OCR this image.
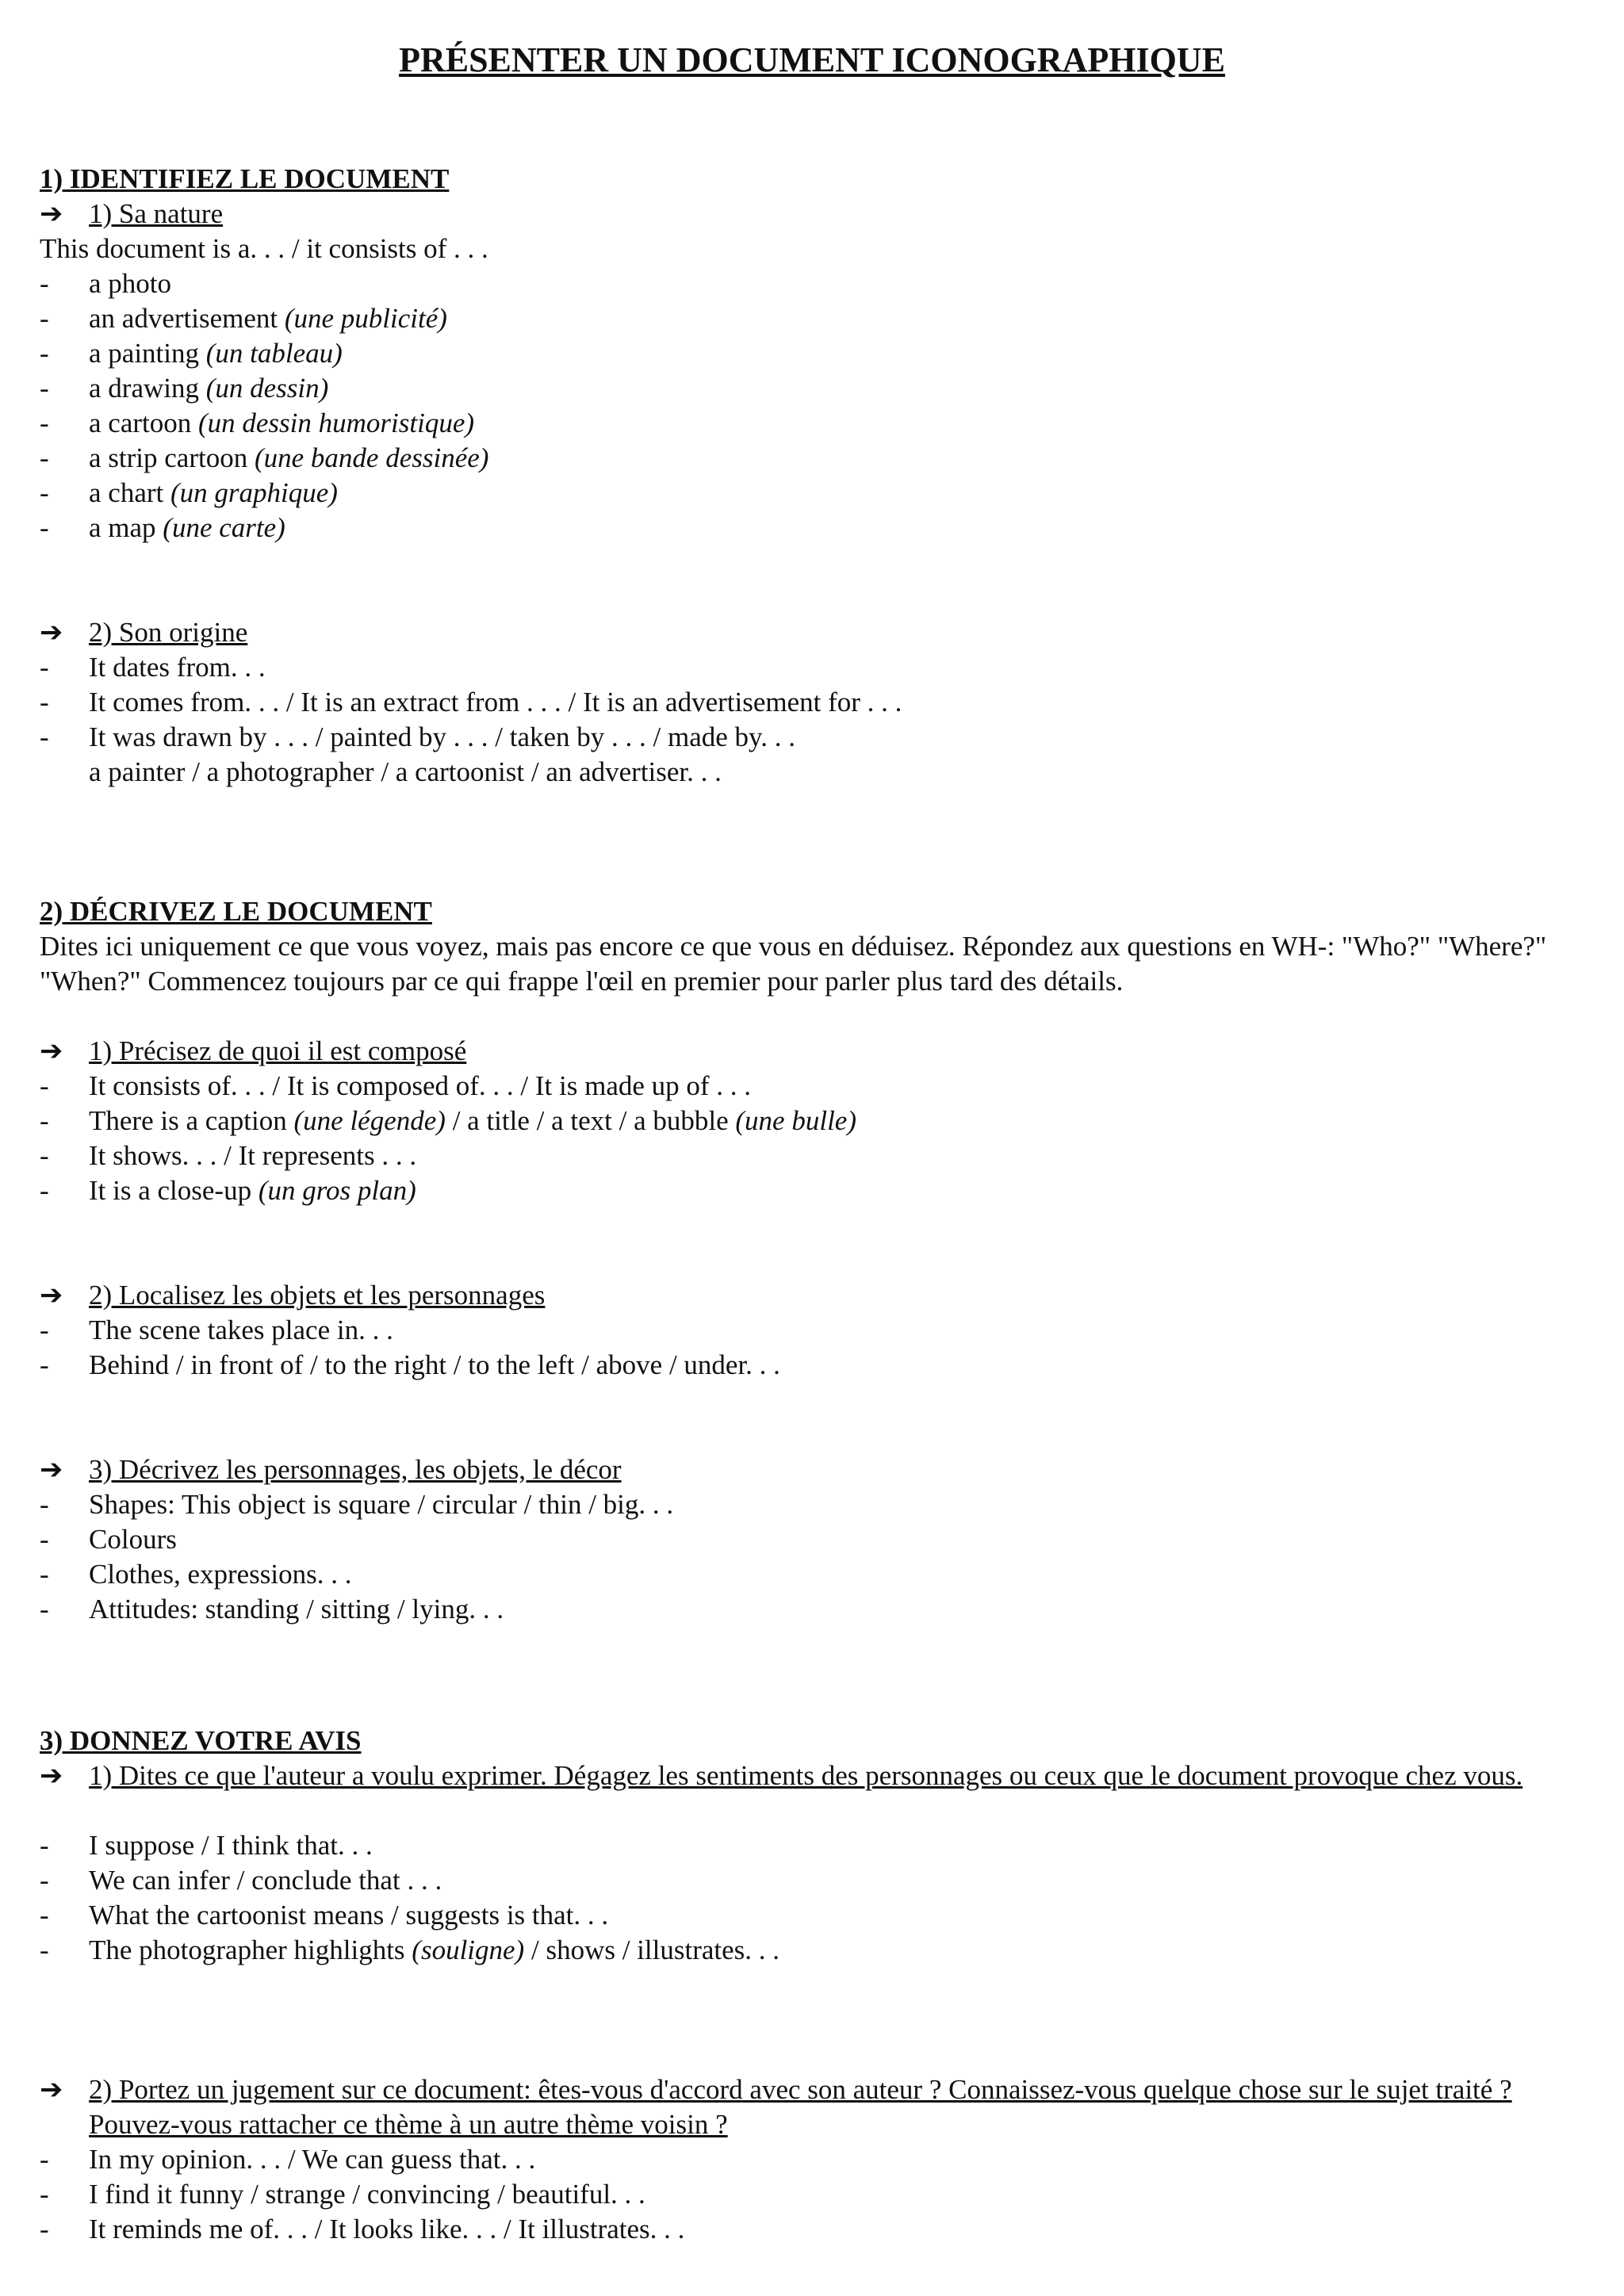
PRÉSENTER UN DOCUMENT ICONOGRAPHIQUE
1) IDENTIFIEZ LE DOCUMENT
➔ 1) Sa nature
This document is a. . . / it consists of . . .
- a photo
- an advertisement (une publicité)
- a painting (un tableau)
- a drawing (un dessin)
- a cartoon (un dessin humoristique)
- a strip cartoon (une bande dessinée)
- a chart (un graphique)
- a map (une carte)
➔ 2) Son origine
- It dates from. . .
- It comes from. . . / It is an extract from . . . / It is an advertisement for . . .
- It was drawn by . . . / painted by . . . / taken by . . . / made by. . .
a painter / a photographer / a cartoonist / an advertiser. . .
2) DÉCRIVEZ LE DOCUMENT
Dites ici uniquement ce que vous voyez, mais pas encore ce que vous en déduisez. Répondez aux questions en WH-: "Who?" "Where?" "When?" Commencez toujours par ce qui frappe l'œil en premier pour parler plus tard des détails.
➔ 1) Précisez de quoi il est composé
- It consists of. . . / It is composed of. . . / It is made up of . . .
- There is a caption (une légende) / a title / a text / a bubble (une bulle)
- It shows. . . / It represents . . .
- It is a close-up (un gros plan)
➔ 2) Localisez les objets et les personnages
- The scene takes place in. . .
- Behind / in front of / to the right / to the left / above / under. . .
➔ 3) Décrivez les personnages, les objets, le décor
- Shapes: This object is square / circular / thin / big. . .
- Colours
- Clothes, expressions. . .
- Attitudes: standing / sitting / lying. . .
3) DONNEZ VOTRE AVIS
➔ 1) Dites ce que l'auteur a voulu exprimer. Dégagez les sentiments des personnages ou ceux que le document provoque chez vous.
- I suppose / I think that. . .
- We can infer / conclude that . . .
- What the cartoonist means / suggests is that. . .
- The photographer highlights (souligne) / shows / illustrates. . .
➔ 2) Portez un jugement sur ce document: êtes-vous d'accord avec son auteur ? Connaissez-vous quelque chose sur le sujet traité ? Pouvez-vous rattacher ce thème à un autre thème voisin ?
- In my opinion. . . / We can guess that. . .
- I find it funny / strange / convincing / beautiful. . .
- It reminds me of. . . / It looks like. . . / It illustrates. . .
